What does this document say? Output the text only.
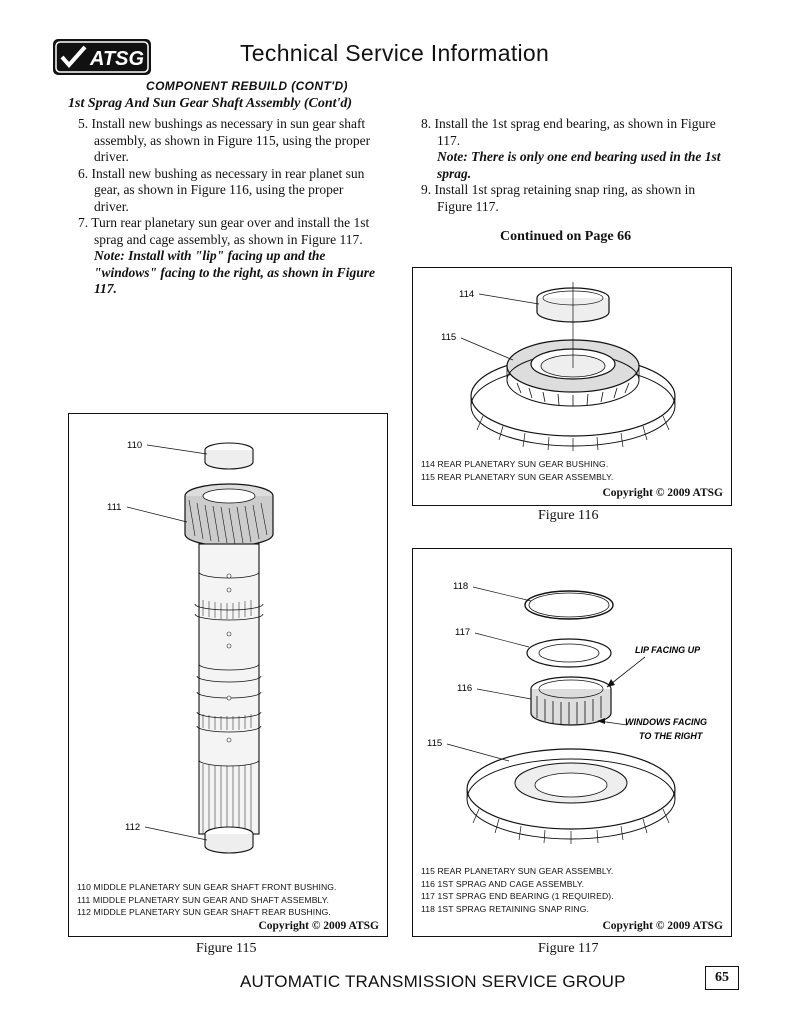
ATSG	Technical Service Information
COMPONENT REBUILD (CONT'D)
1st Sprag And Sun Gear Shaft Assembly (Cont'd)

5. Install new bushings as necessary in sun gear shaft assembly, as shown in Figure 115, using the proper driver.

6. Install new bushing as necessary in rear planet sun gear, as shown in Figure 116, using the proper driver.

7. Turn rear planetary sun gear over and install the 1st sprag and cage assembly, as shown in Figure 117.

Note: Install with "lip" facing up and the "windows" facing to the right, as shown in Figure 117.

8. Install the 1st sprag end bearing, as shown in Figure 117.

Note: There is only one end bearing used in the 1st sprag.

9. Install 1st sprag retaining snap ring, as shown in Figure 117.

Continued on Page 66
114
115
114 REAR PLANETARY SUN GEAR BUSHING.
115 REAR PLANETARY SUN GEAR ASSEMBLY.
Copyright © 2009 ATSG
Figure 116
110
111
112
110 MIDDLE PLANETARY SUN GEAR SHAFT FRONT BUSHING.
111 MIDDLE PLANETARY SUN GEAR AND SHAFT ASSEMBLY.
112 MIDDLE PLANETARY SUN GEAR SHAFT REAR BUSHING.
Copyright © 2009 ATSG
Figure 115
118
117
116
115
LIP FACING UP
WINDOWS FACING
TO THE RIGHT
115 REAR PLANETARY SUN GEAR ASSEMBLY.
116 1ST SPRAG AND CAGE ASSEMBLY.
117 1ST SPRAG END BEARING (1 REQUIRED).
118 1ST SPRAG RETAINING SNAP RING.
Copyright © 2009 ATSG
Figure 117
AUTOMATIC TRANSMISSION SERVICE GROUP	65
